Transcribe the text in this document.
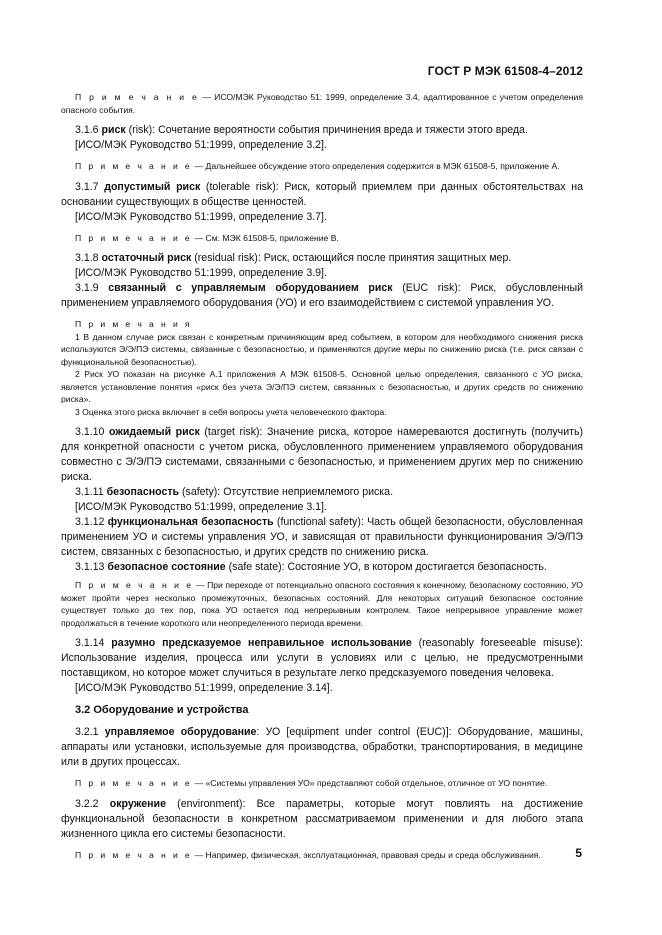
ГОСТ Р МЭК 61508-4–2012

П р и м е ч а н и е — ИСО/МЭК Руководство 51: 1999, определение 3.4, адаптированное с учетом определения опасного события.

3.1.6 риск (risk): Сочетание вероятности события причинения вреда и тяжести этого вреда.

[ИСО/МЭК Руководство 51:1999, определение 3.2].

П р и м е ч а н и е — Дальнейшее обсуждение этого определения содержится в МЭК 61508-5, приложение А.

3.1.7 допустимый риск (tolerable risk): Риск, который приемлем при данных обстоятельствах на основании существующих в обществе ценностей.

[ИСО/МЭК Руководство 51:1999, определение 3.7].

П р и м е ч а н и е — См. МЭК 61508-5, приложение В.

3.1.8 остаточный риск (residual risk): Риск, остающийся после принятия защитных мер.

[ИСО/МЭК Руководство 51:1999, определение 3.9].

3.1.9 связанный с управляемым оборудованием риск (EUC risk): Риск, обусловленный применением управляемого оборудования (УО) и его взаимодействием с системой управления УО.

П р и м е ч а н и я

1 В данном случае риск связан с конкретным причиняющим вред событием, в котором для необходимого снижения риска используются Э/Э/ПЭ системы, связанные с безопасностью, и применяются другие меры по снижению риска (т.е. риск связан с функциональной безопасностью).

2 Риск УО показан на рисунке А.1 приложения А МЭК 61508-5. Основной целью определения, связанного с УО риска, является установление понятия «риск без учета Э/Э/ПЭ систем, связанных с безопасностью, и других средств по снижению риска».

3 Оценка этого риска включает в себя вопросы учета человеческого фактора.

3.1.10 ожидаемый риск (target risk): Значение риска, которое намереваются достигнуть (получить) для конкретной опасности с учетом риска, обусловленного применением управляемого оборудования совместно с Э/Э/ПЭ системами, связанными с безопасностью, и применением других мер по снижению риска.

3.1.11 безопасность (safety): Отсутствие неприемлемого риска.

[ИСО/МЭК Руководство 51:1999, определение 3.1].

3.1.12 функциональная безопасность (functional safety): Часть общей безопасности, обусловленная применением УО и системы управления УО, и зависящая от правильности функционирования Э/Э/ПЭ систем, связанных с безопасностью, и других средств по снижению риска.

3.1.13 безопасное состояние (safe state): Состояние УО, в котором достигается безопасность.

П р и м е ч а н и е — При переходе от потенциально опасного состояния к конечному, безопасному состоянию, УО может пройти через несколько промежуточных, безопасных состояний. Для некоторых ситуаций безопасное состояние существует только до тех пор, пока УО остается под непрерывным контролем. Такое непрерывное управление может продолжаться в течение короткого или неопределенного периода времени.

3.1.14 разумно предсказуемое неправильное использование (reasonably foreseeable misuse): Использование изделия, процесса или услуги в условиях или с целью, не предусмотренными поставщиком, но которое может случиться в результате легко предсказуемого поведения человека.

[ИСО/МЭК Руководство 51:1999, определение 3.14].

3.2 Оборудование и устройства

3.2.1 управляемое оборудование: УО [equipment under control (EUC)]: Оборудование, машины, аппараты или установки, используемые для производства, обработки, транспортирования, в медицине или в других процессах.

П р и м е ч а н и е — «Системы управления УО» представляют собой отдельное, отличное от УО понятие.

3.2.2 окружение (environment): Все параметры, которые могут повлиять на достижение функциональной безопасности в конкретном рассматриваемом применении и для любого этапа жизненного цикла его системы безопасности.

П р и м е ч а н и е — Например, физическая, эксплуатационная, правовая среды и среда обслуживания.	5
